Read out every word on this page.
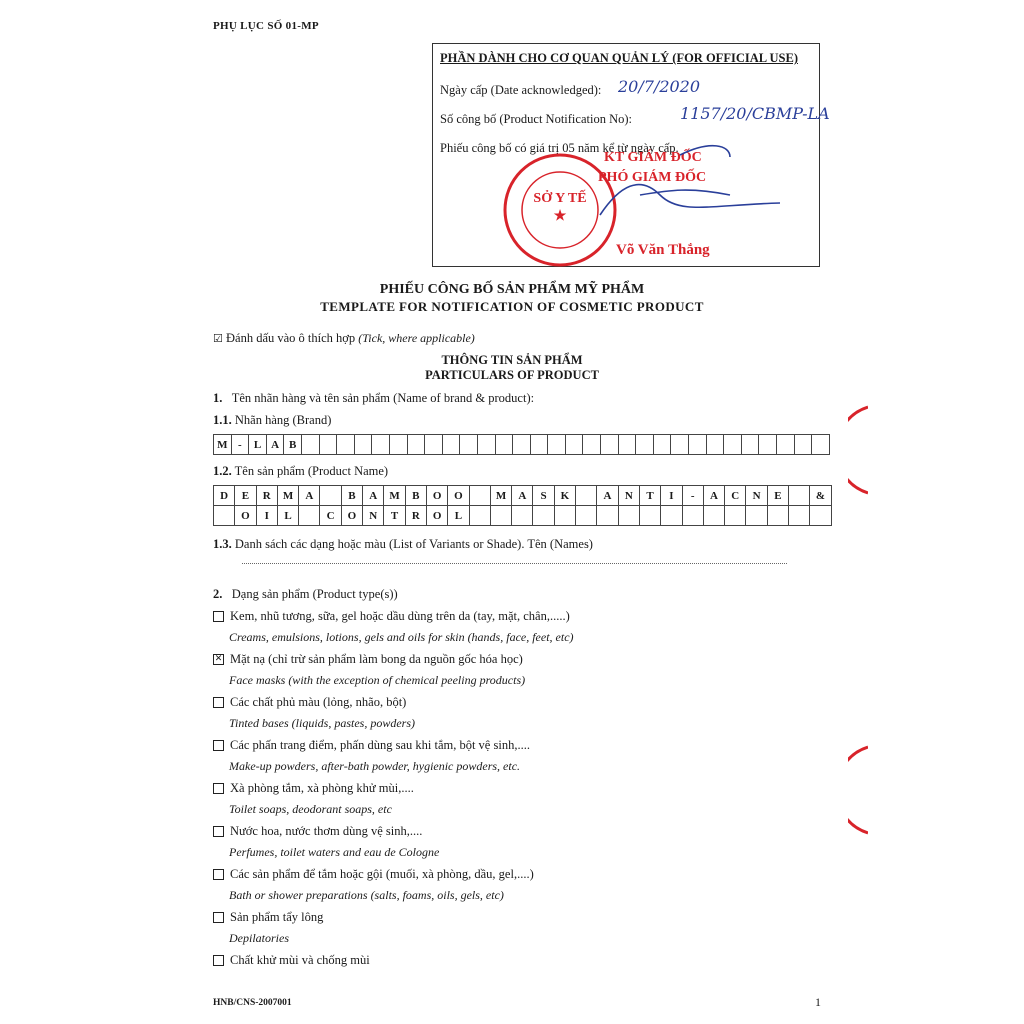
PHỤ LỤC SỐ 01-MP
PHẦN DÀNH CHO CƠ QUAN QUẢN LÝ (FOR OFFICIAL USE)
Ngày cấp (Date acknowledged): 20/7/2020
Số công bố (Product Notification No):	1157/20/CBMP-LA
Phiếu công bố có giá trị 05 năm kể từ ngày cấp.
SỞ Y TẾ
★
KT GIÁM ĐỐC
PHÓ GIÁM ĐỐC
Võ Văn Thắng
PHIẾU CÔNG BỐ SẢN PHẨM MỸ PHẨM
TEMPLATE FOR NOTIFICATION OF COSMETIC PRODUCT
☑ Đánh dấu vào ô thích hợp (Tick, where applicable)
THÔNG TIN SẢN PHẨM
PARTICULARS OF PRODUCT
1. Tên nhãn hàng và tên sản phẩm (Name of brand & product):
1.1. Nhãn hàng (Brand)
M	-	L	A	B																														
1.2. Tên sản phẩm (Product Name)
D	E	R	M	A		B	A	M	B	O	O		M	A	S	K		A	N	T	I	-	A	C	N	E		&
	O	I	L		C	O	N	T	R	O	L																	
1.3. Danh sách các dạng hoặc màu (List of Variants or Shade). Tên (Names)
2. Dạng sản phẩm (Product type(s))
Kem, nhũ tương, sữa, gel hoặc dầu dùng trên da (tay, mặt, chân,.....)
Creams, emulsions, lotions, gels and oils for skin (hands, face, feet, etc)
✕ Mặt nạ (chỉ trừ sản phẩm làm bong da nguồn gốc hóa học)
Face masks (with the exception of chemical peeling products)
Các chất phủ màu (lỏng, nhão, bột)
Tinted bases (liquids, pastes, powders)
Các phấn trang điểm, phấn dùng sau khi tắm, bột vệ sinh,....
Make-up powders, after-bath powder, hygienic powders, etc.
Xà phòng tắm, xà phòng khử mùi,....
Toilet soaps, deodorant soaps, etc
Nước hoa, nước thơm dùng vệ sinh,....
Perfumes, toilet waters and eau de Cologne
Các sản phẩm để tắm hoặc gội (muối, xà phòng, dầu, gel,....)
Bath or shower preparations (salts, foams, oils, gels, etc)
Sản phẩm tẩy lông
Depilatories
Chất khử mùi và chống mùi
HNB/CNS-2007001	1
